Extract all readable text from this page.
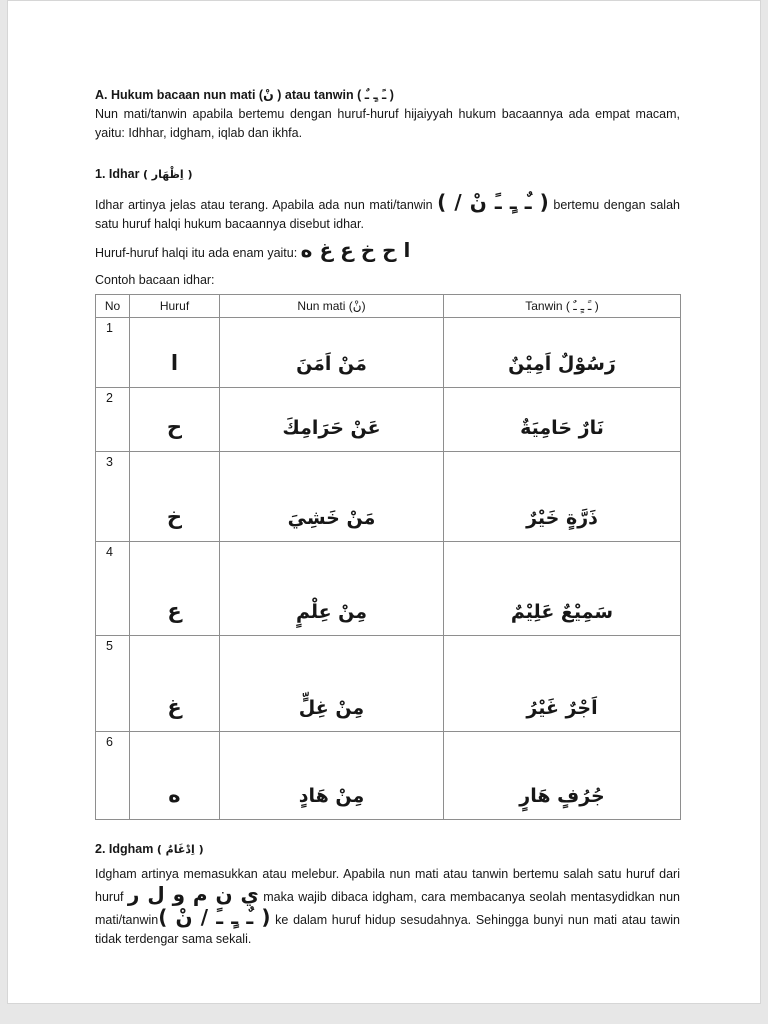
A. Hukum bacaan nun mati (نْ ) atau tanwin ( ـً ـٍ ـٌ )

Nun mati/tanwin apabila bertemu dengan huruf-huruf hijaiyyah hukum bacaannya ada empat macam, yaitu: Idhhar, idgham, iqlab dan ikhfa.

1. Idhar ( اِظْهَار )

Idhar artinya jelas atau terang. Apabila ada nun mati/tanwin ( / نْ ـً ـٍ ـٌ ) bertemu dengan salah satu huruf halqi hukum bacaannya disebut idhar.

Huruf-huruf halqi itu ada enam yaitu: ا ح خ ع غ ه

Contoh bacaan idhar:

No	Huruf	Nun mati (نْ)	Tanwin ( ـً ـٍ ـٌ )
1	ا	مَنْ اَمَنَ	رَسُوْلٌ اَمِيْنٌ
2	ح	عَنْ حَرَامِكَ	نَارٌ حَامِيَةٌ
3	خ	مَنْ خَشِيَ	ذَرَّةٍ خَيْرٌ
4	ع	مِنْ عِلْمٍ	سَمِيْعٌ عَلِيْمٌ
5	غ	مِنْ غِلٍّ	اَجْرٌ غَيْرُ
6	ه	مِنْ هَادٍ	جُرُفٍ هَارٍ

2. Idgham ( اِدْغَامٌ )

Idgham artinya memasukkan atau melebur. Apabila nun mati atau tanwin bertemu salah satu huruf dari huruf ي ن م و ل ر maka wajib dibaca idgham, cara membacanya seolah mentasydidkan nun mati/tanwin( نْ / ـً ـٍ ـٌ ) ke dalam huruf hidup sesudahnya. Sehingga bunyi nun mati atau tawin tidak terdengar sama sekali.
